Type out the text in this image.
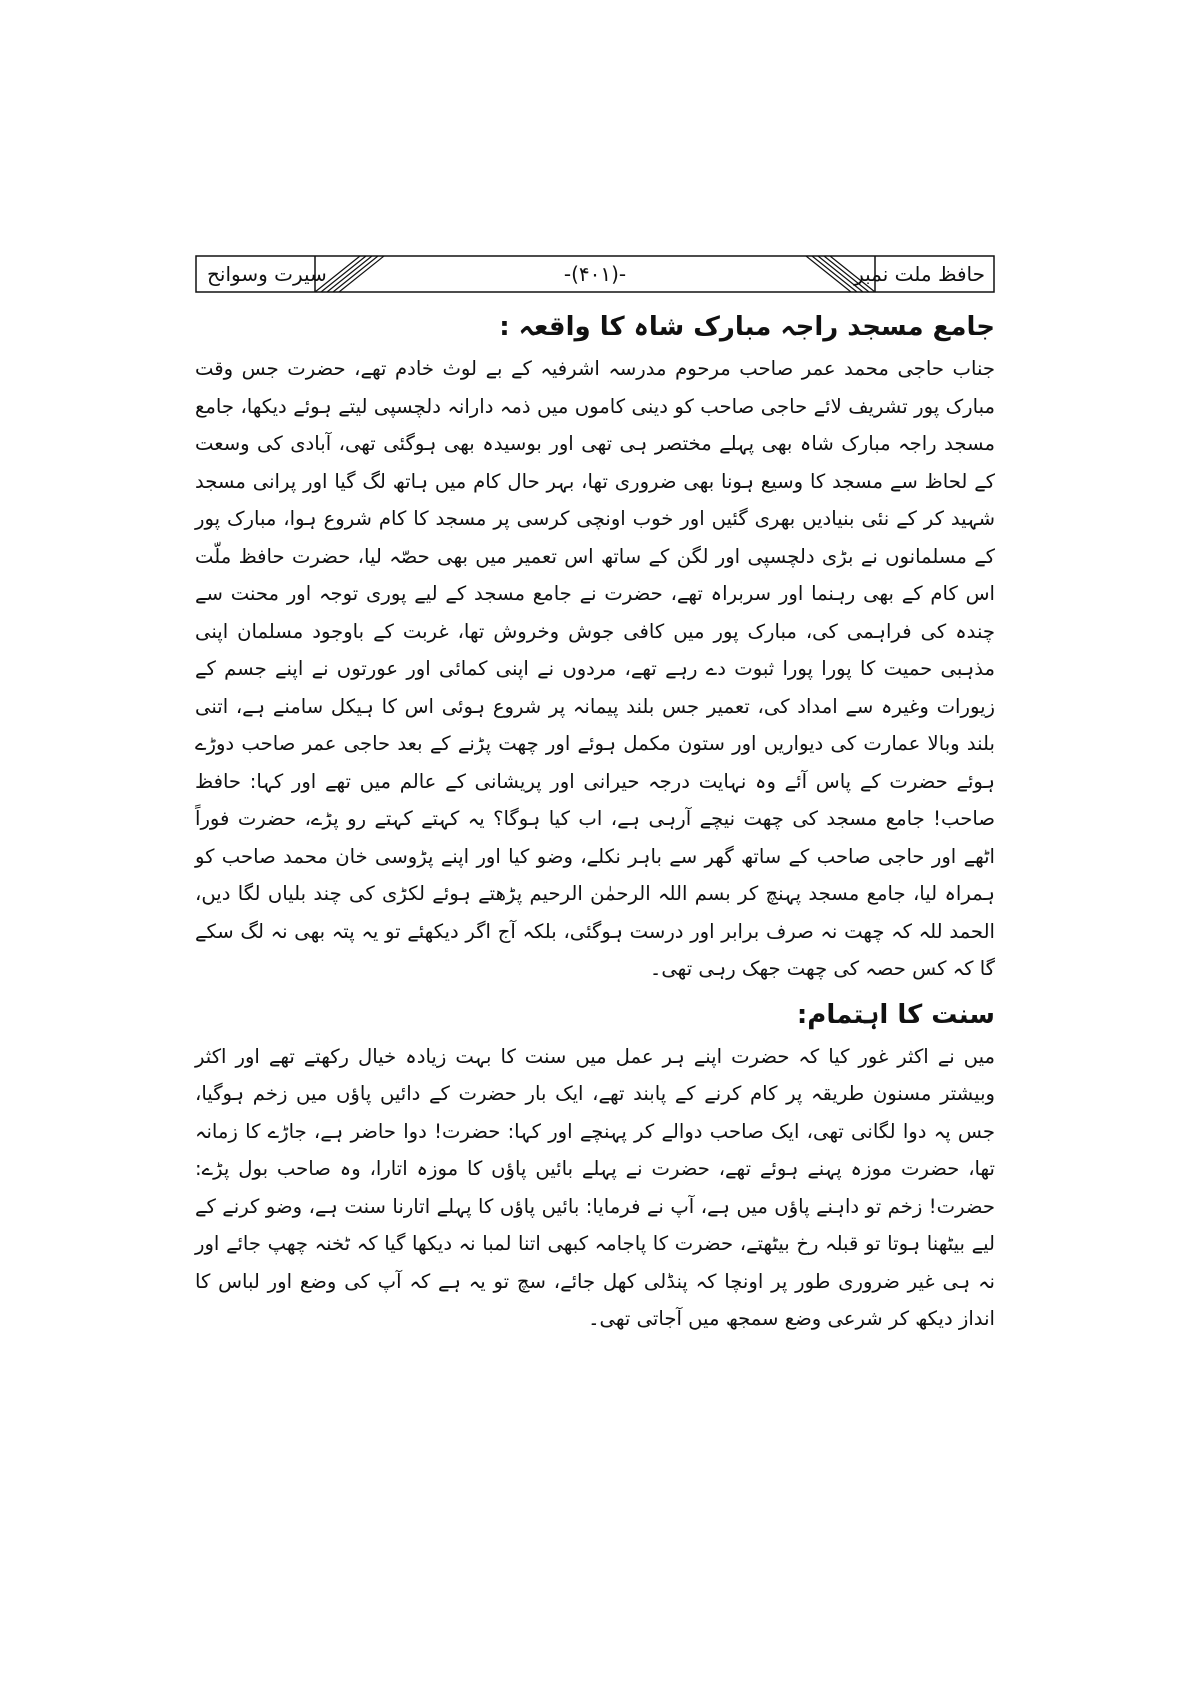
حافظ ملت نمبر
-(۴۰۱)-
سیرت وسوانح
جامع مسجد راجہ مبارک شاہ کا واقعہ :

جناب حاجی محمد عمر صاحب مرحوم مدرسہ اشرفیہ کے بے لوث خادم تھے، حضرت جس وقت مبارک پور تشریف لائے حاجی صاحب کو دینی کاموں میں ذمہ دارانہ دلچسپی لیتے ہوئے دیکھا، جامع مسجد راجہ مبارک شاہ بھی پہلے مختصر ہی تھی اور بوسیدہ بھی ہوگئی تھی، آبادی کی وسعت کے لحاظ سے مسجد کا وسیع ہونا بھی ضروری تھا، بہر حال کام میں ہاتھ لگ گیا اور پرانی مسجد شہید کر کے نئی بنیادیں بھری گئیں اور خوب اونچی کرسی پر مسجد کا کام شروع ہوا، مبارک پور کے مسلمانوں نے بڑی دلچسپی اور لگن کے ساتھ اس تعمیر میں بھی حصّہ لیا، حضرت حافظ ملّت اس کام کے بھی رہنما اور سربراہ تھے، حضرت نے جامع مسجد کے لیے پوری توجہ اور محنت سے چندہ کی فراہمی کی، مبارک پور میں کافی جوش وخروش تھا، غربت کے باوجود مسلمان اپنی مذہبی حمیت کا پورا پورا ثبوت دے رہے تھے، مردوں نے اپنی کمائی اور عورتوں نے اپنے جسم کے زیورات وغیرہ سے امداد کی، تعمیر جس بلند پیمانہ پر شروع ہوئی اس کا ہیکل سامنے ہے، اتنی بلند وبالا عمارت کی دیواریں اور ستون مکمل ہوئے اور چھت پڑنے کے بعد حاجی عمر صاحب دوڑے ہوئے حضرت کے پاس آئے وہ نہایت درجہ حیرانی اور پریشانی کے عالم میں تھے اور کہا: حافظ صاحب! جامع مسجد کی چھت نیچے آرہی ہے، اب کیا ہوگا؟ یہ کہتے کہتے رو پڑے، حضرت فوراً اٹھے اور حاجی صاحب کے ساتھ گھر سے باہر نکلے، وضو کیا اور اپنے پڑوسی خان محمد صاحب کو ہمراہ لیا، جامع مسجد پہنچ کر بسم اللہ الرحمٰن الرحیم پڑھتے ہوئے لکڑی کی چند بلیاں لگا دیں، الحمد للہ کہ چھت نہ صرف برابر اور درست ہوگئی، بلکہ آج اگر دیکھئے تو یہ پتہ بھی نہ لگ سکے گا کہ کس حصہ کی چھت جھک رہی تھی۔

سنت کا اہتمام:

میں نے اکثر غور کیا کہ حضرت اپنے ہر عمل میں سنت کا بہت زیادہ خیال رکھتے تھے اور اکثر وبیشتر مسنون طریقہ پر کام کرنے کے پابند تھے، ایک بار حضرت کے دائیں پاؤں میں زخم ہوگیا، جس پہ دوا لگانی تھی، ایک صاحب دوالے کر پہنچے اور کہا: حضرت! دوا حاضر ہے، جاڑے کا زمانہ تھا، حضرت موزہ پہنے ہوئے تھے، حضرت نے پہلے بائیں پاؤں کا موزہ اتارا، وہ صاحب بول پڑے: حضرت! زخم تو داہنے پاؤں میں ہے، آپ نے فرمایا: بائیں پاؤں کا پہلے اتارنا سنت ہے، وضو کرنے کے لیے بیٹھنا ہوتا تو قبلہ رخ بیٹھتے، حضرت کا پاجامہ کبھی اتنا لمبا نہ دیکھا گیا کہ ٹخنہ چھپ جائے اور نہ ہی غیر ضروری طور پر اونچا کہ پنڈلی کھل جائے، سچ تو یہ ہے کہ آپ کی وضع اور لباس کا انداز دیکھ کر شرعی وضع سمجھ میں آجاتی تھی۔
